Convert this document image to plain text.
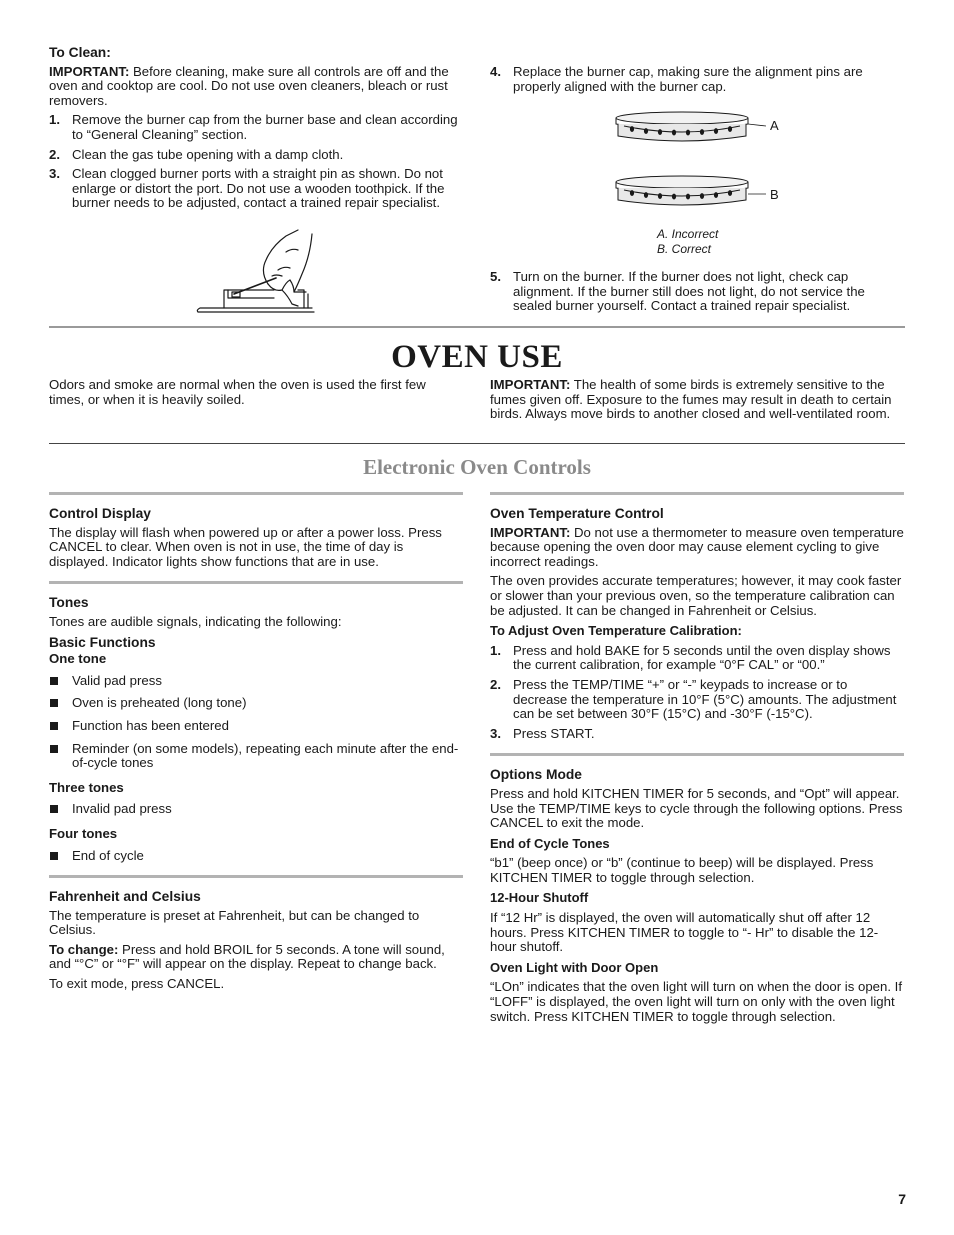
To Clean:

IMPORTANT: Before cleaning, make sure all controls are off and the oven and cooktop are cool. Do not use oven cleaners, bleach or rust removers.

1. Remove the burner cap from the burner base and clean according to “General Cleaning” section.
2. Clean the gas tube opening with a damp cloth.
3. Clean clogged burner ports with a straight pin as shown. Do not enlarge or distort the port. Do not use a wooden toothpick. If the burner needs to be adjusted, contact a trained repair specialist.
4. Replace the burner cap, making sure the alignment pins are properly aligned with the burner cap.
A
B
A. Incorrect
B. Correct
5. Turn on the burner. If the burner does not light, check cap alignment. If the burner still does not light, do not service the sealed burner yourself. Contact a trained repair specialist.
OVEN USE

Odors and smoke are normal when the oven is used the first few times, or when it is heavily soiled.

IMPORTANT: The health of some birds is extremely sensitive to the fumes given off. Exposure to the fumes may result in death to certain birds. Always move birds to another closed and well-ventilated room.

Electronic Oven Controls
Control Display

The display will flash when powered up or after a power loss. Press CANCEL to clear. When oven is not in use, the time of day is displayed. Indicator lights show functions that are in use.

Tones

Tones are audible signals, indicating the following:

Basic Functions
One tone
Valid pad press
Oven is preheated (long tone)
Function has been entered
Reminder (on some models), repeating each minute after the end-of-cycle tones
Three tones
Invalid pad press
Four tones
End of cycle
Fahrenheit and Celsius

The temperature is preset at Fahrenheit, but can be changed to Celsius.

To change: Press and hold BROIL for 5 seconds. A tone will sound, and “°C” or “°F” will appear on the display. Repeat to change back.

To exit mode, press CANCEL.

Oven Temperature Control

IMPORTANT: Do not use a thermometer to measure oven temperature because opening the oven door may cause element cycling to give incorrect readings.

The oven provides accurate temperatures; however, it may cook faster or slower than your previous oven, so the temperature calibration can be adjusted. It can be changed in Fahrenheit or Celsius.

To Adjust Oven Temperature Calibration:
1. Press and hold BAKE for 5 seconds until the oven display shows the current calibration, for example “0°F CAL” or “00.”
2. Press the TEMP/TIME “+” or “-” keypads to increase or to decrease the temperature in 10°F (5°C) amounts. The adjustment can be set between 30°F (15°C) and -30°F (-15°C).
3. Press START.
Options Mode

Press and hold KITCHEN TIMER for 5 seconds, and “Opt” will appear. Use the TEMP/TIME keys to cycle through the following options. Press CANCEL to exit the mode.

End of Cycle Tones

“b1” (beep once) or “b” (continue to beep) will be displayed. Press KITCHEN TIMER to toggle through selection.

12-Hour Shutoff

If “12 Hr” is displayed, the oven will automatically shut off after 12 hours. Press KITCHEN TIMER to toggle to “- Hr” to disable the 12-hour shutoff.

Oven Light with Door Open

“LOn” indicates that the oven light will turn on when the door is open. If “LOFF” is displayed, the oven light will turn on only with the oven light switch. Press KITCHEN TIMER to toggle through selection.

7
